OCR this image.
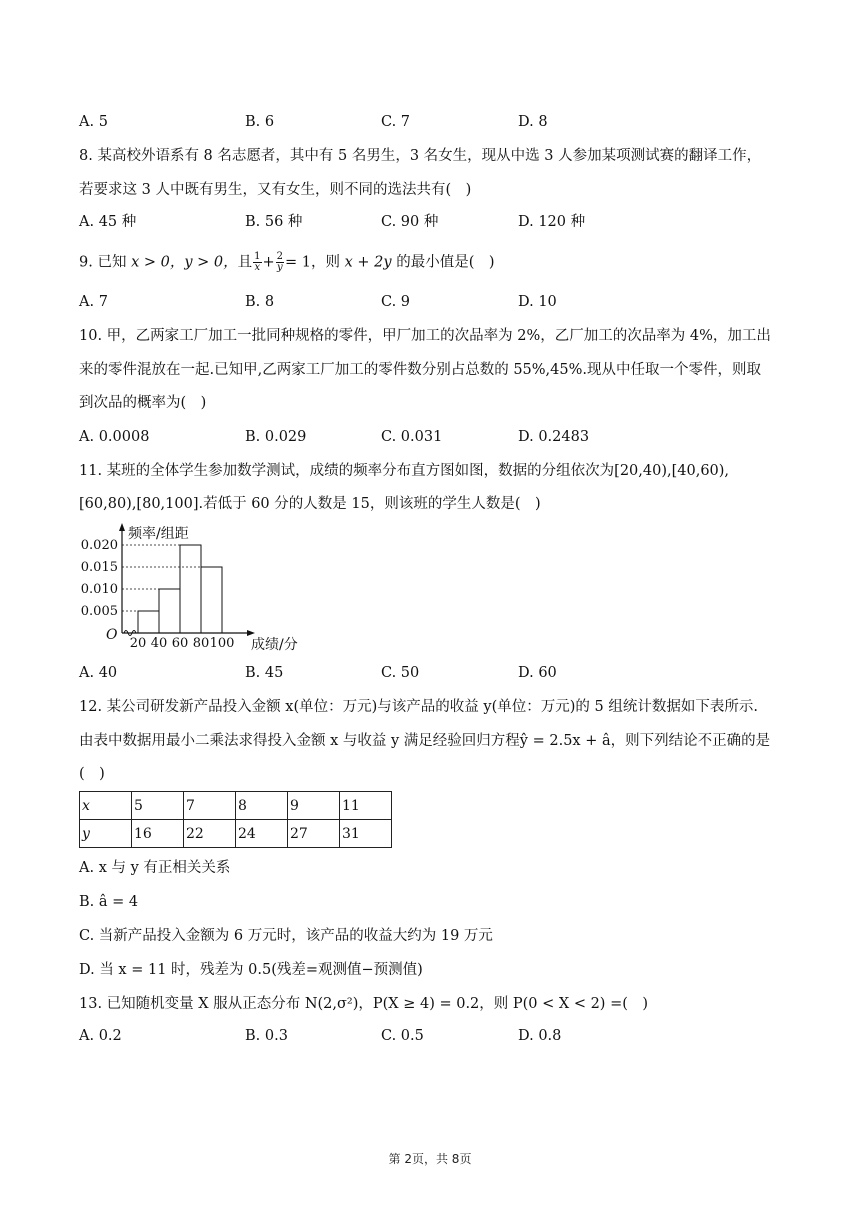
A. 5	B. 6	C. 7	D. 8
8. 某高校外语系有 8 名志愿者，其中有 5 名男生，3 名女生，现从中选 3 人参加某项测试赛的翻译工作，
若要求这 3 人中既有男生，又有女生，则不同的选法共有( )
A. 45 种	B. 56 种	C. 90 种	D. 120 种
9. 已知 x > 0，y > 0，且 $\frac{1}{x} + \frac{2}{y} = 1$，则 x + 2y 的最小值是( )
A. 7	B. 8	C. 9	D. 10
10. 甲，乙两家工厂加工一批同种规格的零件，甲厂加工的次品率为 2%，乙厂加工的次品率为 4%，加工出
来的零件混放在一起.已知甲,乙两家工厂加工的零件数分别占总数的 55%,45%.现从中任取一个零件，则取
到次品的概率为( )
A. 0.0008	B. 0.029	C. 0.031	D. 0.2483
11. 某班的全体学生参加数学测试，成绩的频率分布直方图如图，数据的分组依次为[20,40),[40,60),
[60,80),[80,100].若低于 60 分的人数是 15，则该班的学生人数是( )
0.005
0.010
0.015
0.020
20 40 60 80 100
频率/组距
成绩/分
O
A. 40	B. 45	C. 50	D. 60
12. 某公司研发新产品投入金额 x(单位：万元)与该产品的收益 y(单位：万元)的 5 组统计数据如下表所示.
由表中数据用最小二乘法求得投入金额 x 与收益 y 满足经验回归方程ŷ = 2.5x + â，则下列结论不正确的是
( )
x	5	7	8	9	11
y	16	22	24	27	31
A. x 与 y 有正相关关系
B. â = 4
C. 当新产品投入金额为 6 万元时，该产品的收益大约为 19 万元
D. 当 x = 11 时，残差为 0.5(残差=观测值−预测值)
13. 已知随机变量 X 服从正态分布 N(2,σ²)，P(X ≥ 4) = 0.2，则 P(0 < X < 2) =( )
A. 0.2	B. 0.3	C. 0.5	D. 0.8
第 2页，共 8页
